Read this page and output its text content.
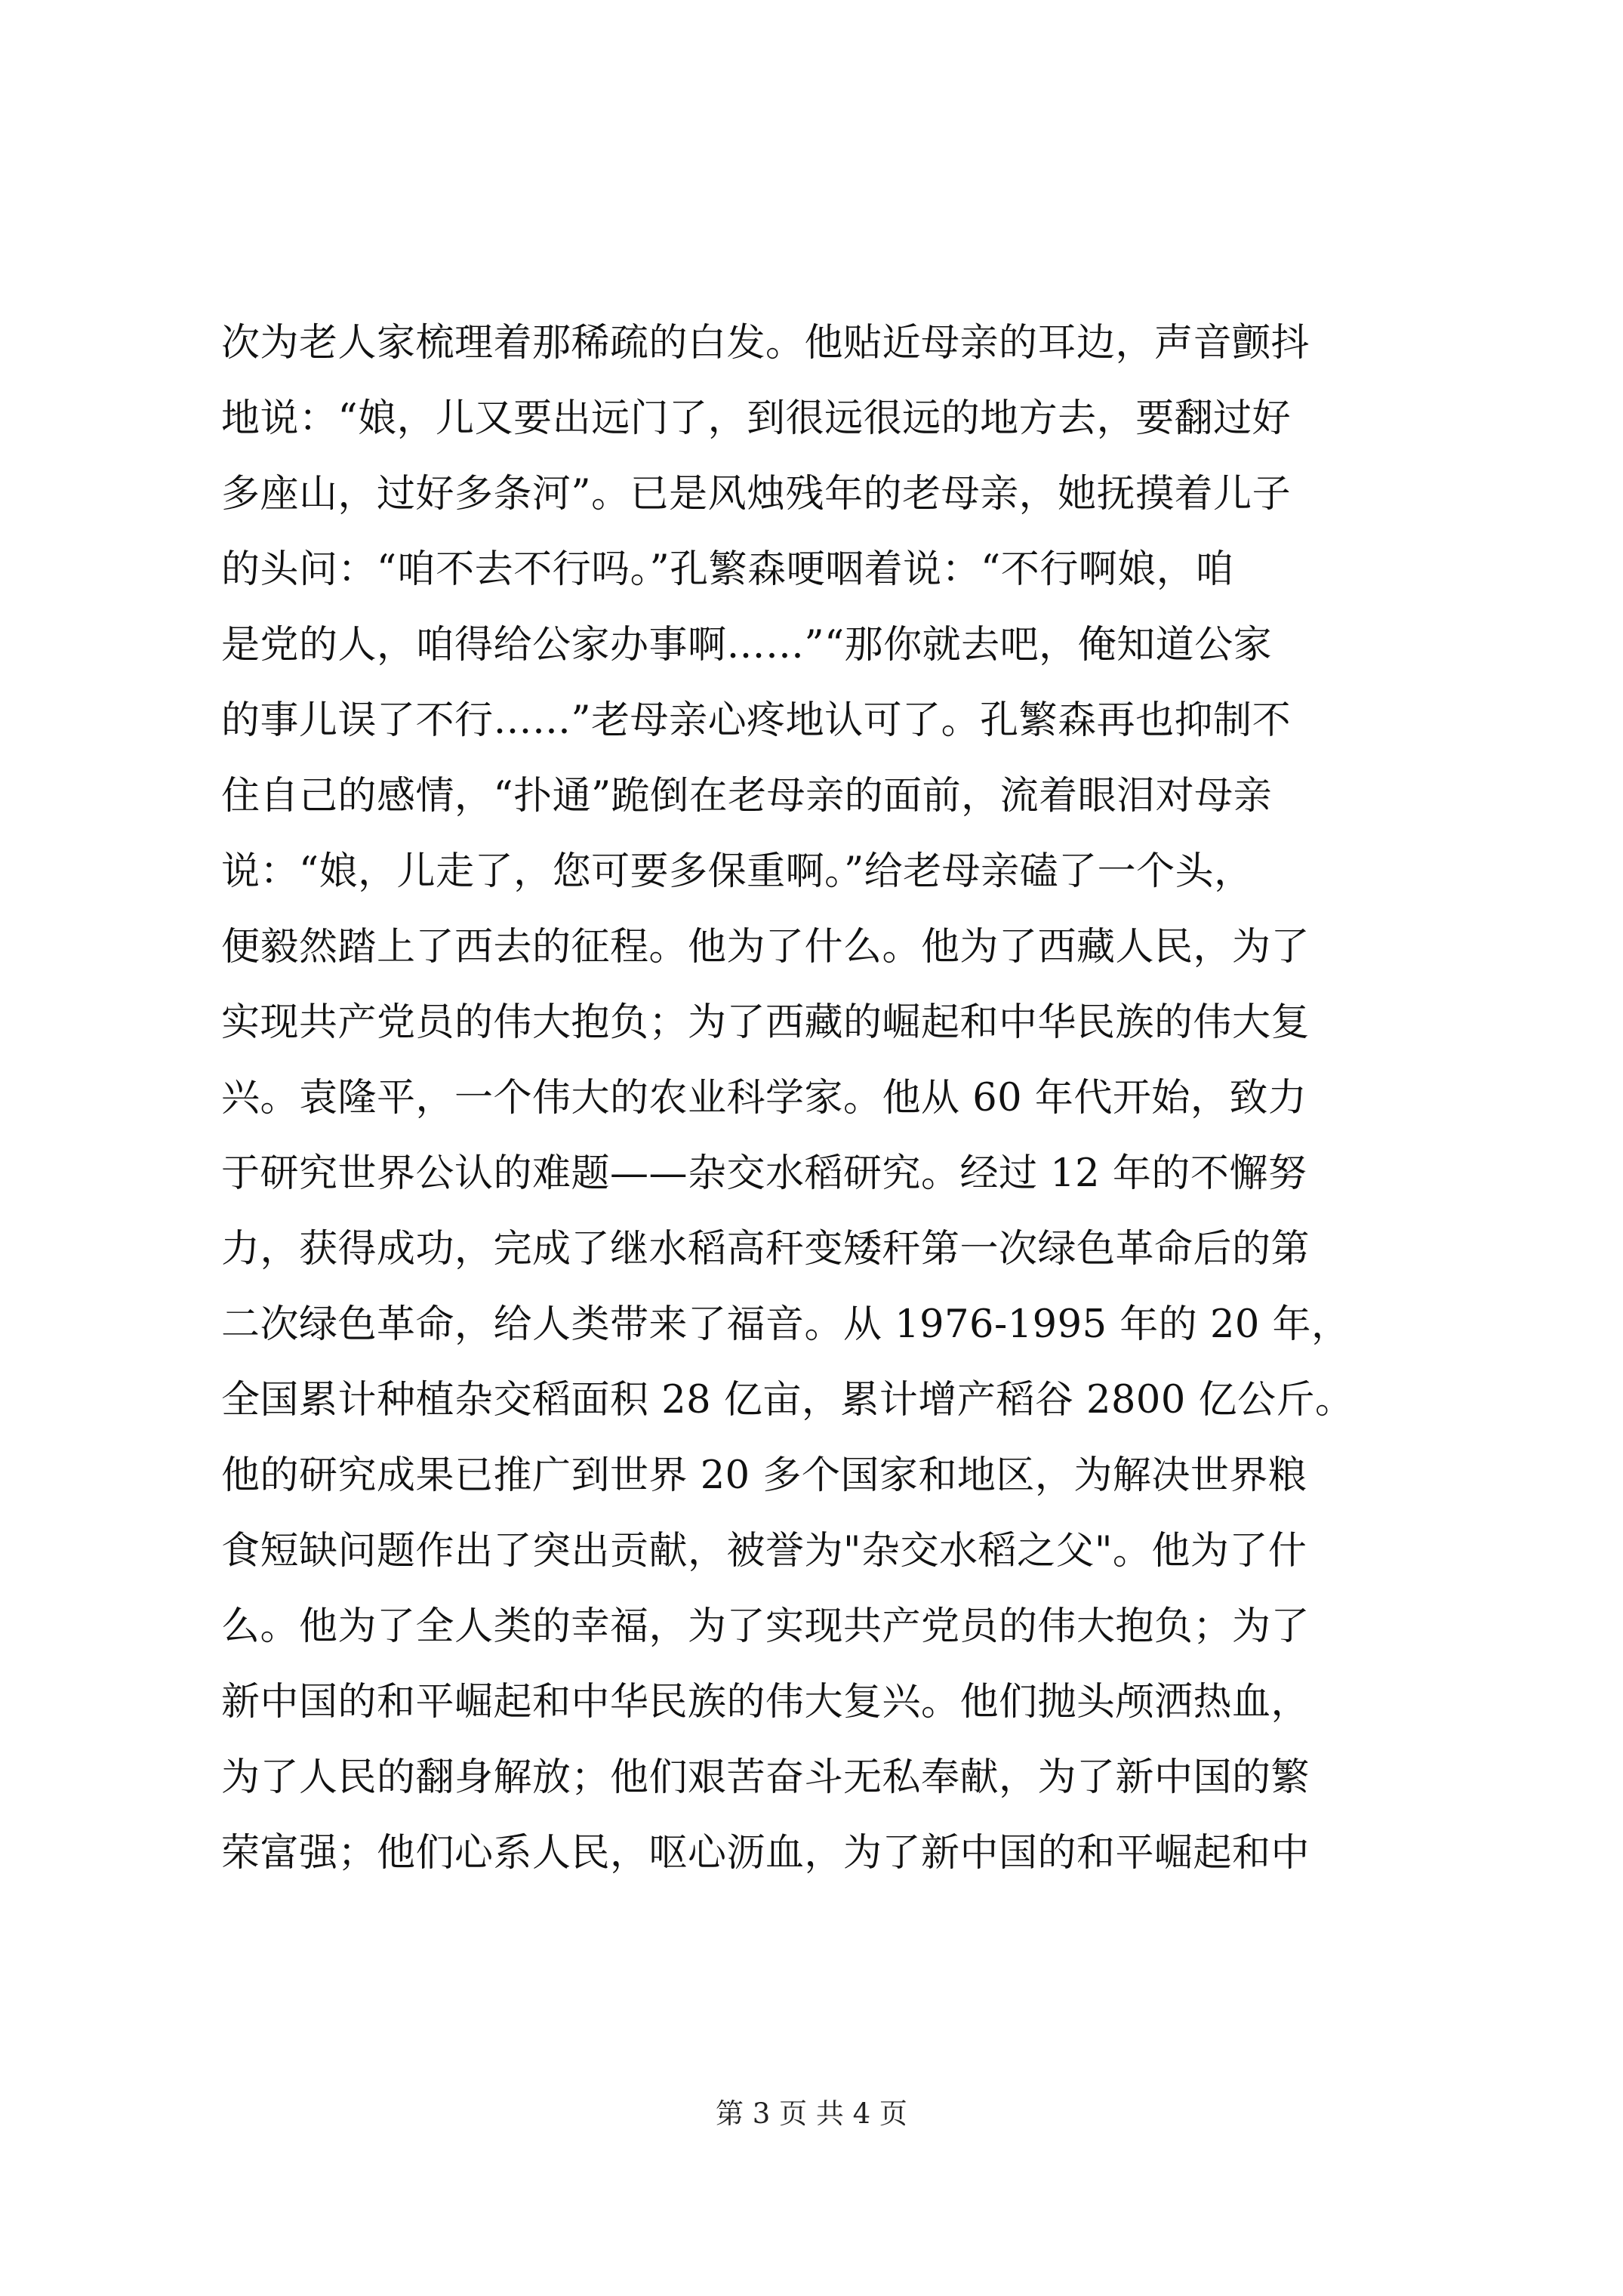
次为老人家梳理着那稀疏的白发。他贴近母亲的耳边，声音颤抖
地说：“娘，儿又要出远门了，到很远很远的地方去，要翻过好
多座山，过好多条河”。已是风烛残年的老母亲，她抚摸着儿子
的头问：“咱不去不行吗。”孔繁森哽咽着说：“不行啊娘，咱
是党的人，咱得给公家办事啊……”“那你就去吧，俺知道公家
的事儿误了不行……”老母亲心疼地认可了。孔繁森再也抑制不
住自己的感情，“扑通”跪倒在老母亲的面前，流着眼泪对母亲
说：“娘，儿走了，您可要多保重啊。”给老母亲磕了一个头，
便毅然踏上了西去的征程。他为了什么。他为了西藏人民，为了
实现共产党员的伟大抱负；为了西藏的崛起和中华民族的伟大复
兴。袁隆平，一个伟大的农业科学家。他从 60 年代开始，致力
于研究世界公认的难题——杂交水稻研究。经过 12 年的不懈努
力，获得成功，完成了继水稻高秆变矮秆第一次绿色革命后的第
二次绿色革命，给人类带来了福音。从 1976-1995 年的 20 年，
全国累计种植杂交稻面积 28 亿亩，累计增产稻谷 2800 亿公斤。
他的研究成果已推广到世界 20 多个国家和地区，为解决世界粮
食短缺问题作出了突出贡献，被誉为"杂交水稻之父"。他为了什
么。他为了全人类的幸福，为了实现共产党员的伟大抱负；为了
新中国的和平崛起和中华民族的伟大复兴。他们抛头颅洒热血，
为了人民的翻身解放；他们艰苦奋斗无私奉献，为了新中国的繁
荣富强；他们心系人民，呕心沥血，为了新中国的和平崛起和中
第 3 页 共 4 页
